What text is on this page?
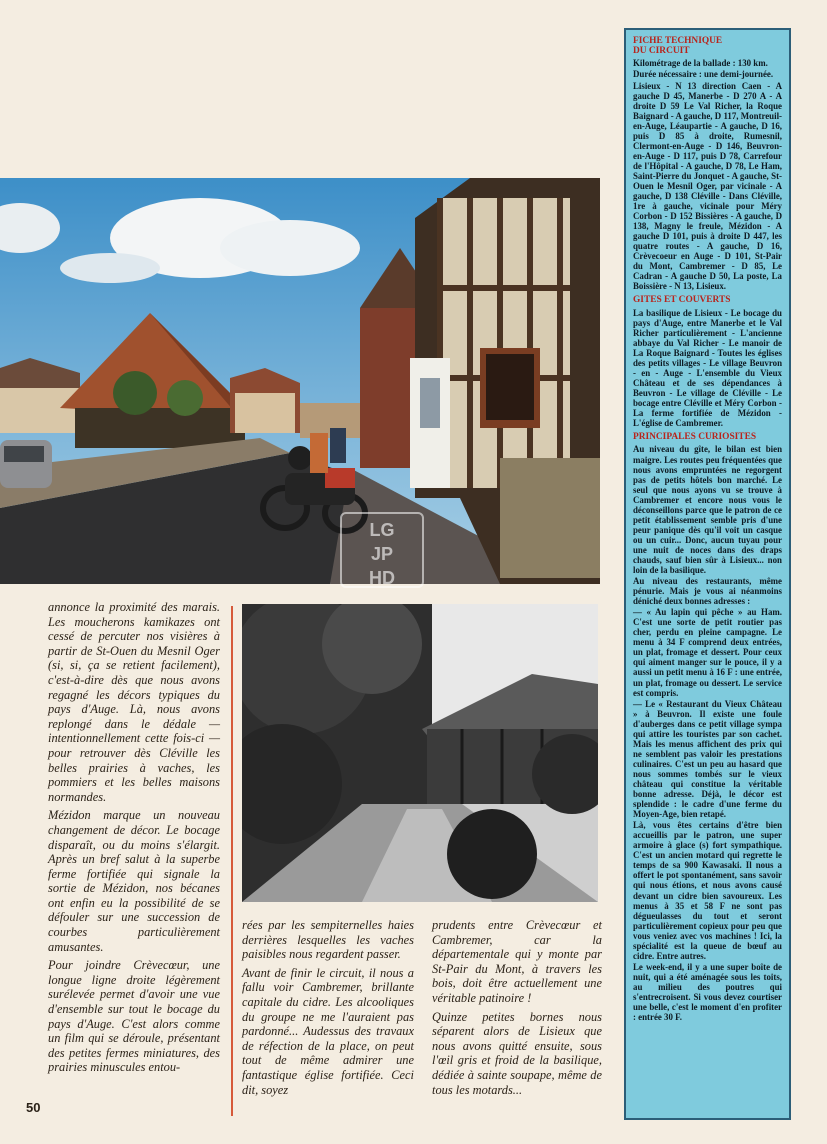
LG
JP
HD

annonce la proximité des marais. Les moucherons kamikazes ont cessé de percuter nos visières à partir de St-Ouen du Mesnil Oger (si, si, ça se retient facilement), c'est-à-dire dès que nous avons regagné les décors typiques du pays d'Auge. Là, nous avons replongé dans le dédale — intentionnellement cette fois-ci — pour retrouver dès Cléville les belles prairies à vaches, les pommiers et les belles maisons normandes.

Mézidon marque un nouveau changement de décor. Le bocage disparaît, ou du moins s'élargit. Après un bref salut à la superbe ferme fortifiée qui signale la sortie de Mézidon, nos bécanes ont enfin eu la possibilité de se défouler sur une succession de courbes particulièrement amusantes.

Pour joindre Crèvecœur, une longue ligne droite légèrement surélevée permet d'avoir une vue d'ensemble sur tout le bocage du pays d'Auge. C'est alors comme un film qui se déroule, présentant des petites fermes miniatures, des prairies minuscules entou-

rées par les sempiternelles haies derrières lesquelles les vaches paisibles nous regardent passer.

Avant de finir le circuit, il nous a fallu voir Cambremer, brillante capitale du cidre. Les alcooliques du groupe ne me l'auraient pas pardonné... Audessus des travaux de réfection de la place, on peut tout de même admirer une fantastique église fortifiée. Ceci dit, soyez

prudents entre Crèvecœur et Cambremer, car la départementale qui y monte par St-Pair du Mont, à travers les bois, doit être actuellement une véritable patinoire !

Quinze petites bornes nous séparent alors de Lisieux que nous avons quitté ensuite, sous l'œil gris et froid de la basilique, dédiée à sainte soupape, même de tous les motards...

50
FICHE TECHNIQUE
DU CIRCUIT

Kilométrage de la ballade : 130 km.

Durée nécessaire : une demi-journée.

Lisieux - N 13 direction Caen - A gauche D 45, Manerbe - D 270 A - A droite D 59 Le Val Richer, la Roque Baignard - A gauche, D 117, Montreuil-en-Auge, Léaupartie - A gauche, D 16, puis D 85 à droite, Rumesnil, Clermont-en-Auge - D 146, Beuvron-en-Auge - D 117, puis D 78, Carrefour de l'Hôpital - A gauche, D 78, Le Ham, Saint-Pierre du Jonquet - A gauche, St-Ouen le Mesnil Oger, par vicinale - A gauche, D 138 Cléville - Dans Cléville, 1re à gauche, vicinale pour Méry Corbon - D 152 Bissières - A gauche, D 138, Magny le freule, Mézidon - A gauche D 101, puis à droite D 447, les quatre routes - A gauche, D 16, Crèvecoeur en Auge - D 101, St-Pair du Mont, Cambremer - D 85, Le Cadran - A gauche D 50, La poste, La Boissière - N 13, Lisieux.

GITES ET COUVERTS

La basilique de Lisieux - Le bocage du pays d'Auge, entre Manerbe et le Val Richer particulièrement - L'ancienne abbaye du Val Richer - Le manoir de La Roque Baignard - Toutes les églises des petits villages - Le village Beuvron - en - Auge - L'ensemble du Vieux Château et de ses dépendances à Beuvron - Le village de Cléville - Le bocage entre Cléville et Méry Corbon - La ferme fortifiée de Mézidon - L'église de Cambremer.

PRINCIPALES CURIOSITES

Au niveau du gîte, le bilan est bien maigre. Les routes peu fréquentées que nous avons empruntées ne regorgent pas de petits hôtels bon marché. Le seul que nous ayons vu se trouve à Cambremer et encore nous vous le déconseillons parce que le patron de ce petit établissement semble pris d'une peur panique dès qu'il voit un casque ou un cuir... Donc, aucun tuyau pour une nuit de noces dans des draps chauds, sauf bien sûr à Lisieux... non loin de la basilique.

Au niveau des restaurants, même pénurie. Mais je vous ai néanmoins déniché deux bonnes adresses :

— « Au lapin qui pêche » au Ham. C'est une sorte de petit routier pas cher, perdu en pleine campagne. Le menu à 34 F comprend deux entrées, un plat, fromage et dessert. Pour ceux qui aiment manger sur le pouce, il y a aussi un petit menu à 16 F : une entrée, un plat, fromage ou dessert. Le service est compris.

— Le « Restaurant du Vieux Château » à Beuvron. Il existe une foule d'auberges dans ce petit village sympa qui attire les touristes par son cachet. Mais les menus affichent des prix qui ne semblent pas valoir les prestations culinaires. C'est un peu au hasard que nous sommes tombés sur le vieux château qui constitue la véritable bonne adresse. Déjà, le décor est splendide : le cadre d'une ferme du Moyen-Age, bien retapé.

Là, vous êtes certains d'être bien accueillis par le patron, une super armoire à glace (s) fort sympathique. C'est un ancien motard qui regrette le temps de sa 900 Kawasaki. Il nous a offert le pot spontanément, sans savoir qui nous étions, et nous avons causé devant un cidre bien savoureux. Les menus à 35 et 58 F ne sont pas dégueulasses du tout et seront particulièrement copieux pour peu que vous veniez avec vos machines ! Ici, la spécialité est la queue de bœuf au cidre. Entre autres.

Le week-end, il y a une super boîte de nuit, qui a été aménagée sous les toits, au milieu des poutres qui s'entrecroisent. Si vous devez courtiser une belle, c'est le moment d'en profiter : entrée 30 F.
